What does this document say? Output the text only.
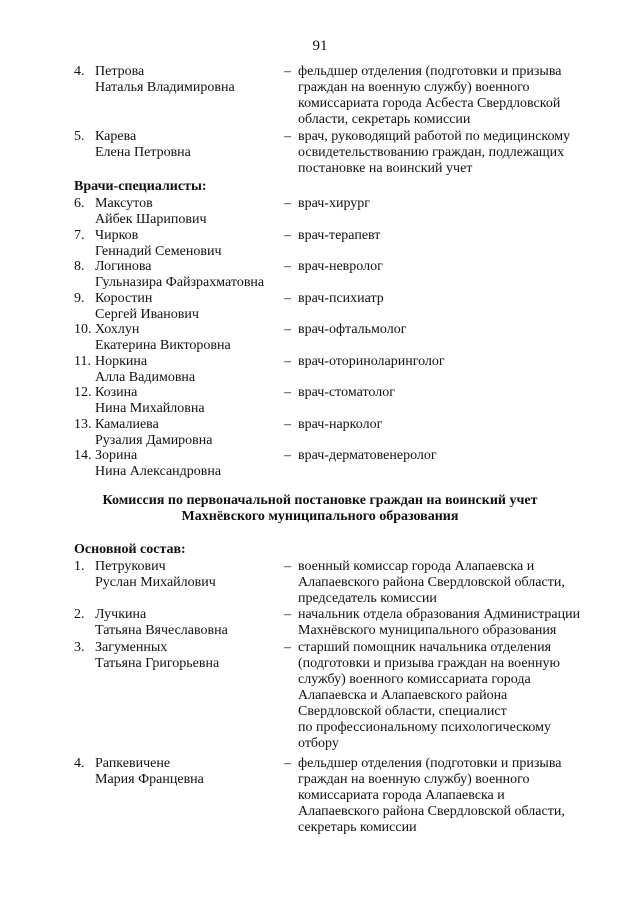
91
4. Петрова
Наталья Владимировна
– фельдшер отделения (подготовки и призыва
граждан на военную службу) военного
комиссариата города Асбеста Свердловской
области, секретарь комиссии
5. Карева
Елена Петровна
– врач, руководящий работой по медицинскому
освидетельствованию граждан, подлежащих
постановке на воинский учет
Врачи-специалисты:
6. Максутов
Айбек Шарипович
– врач-хирург
7. Чирков
Геннадий Семенович
– врач-терапевт
8. Логинова
Гульназира Файзрахматовна
– врач-невролог
9. Коростин
Сергей Иванович
– врач-психиатр
10. Хохлун
Екатерина Викторовна
– врач-офтальмолог
11. Норкина
Алла Вадимовна
– врач-оториноларинголог
12. Козина
Нина Михайловна
– врач-стоматолог
13. Камалиева
Рузалия Дамировна
– врач-нарколог
14. Зорина
Нина Александровна
– врач-дерматовенеролог
Комиссия по первоначальной постановке граждан на воинский учет
Махнёвского муниципального образования
Основной состав:
1. Петрукович
Руслан Михайлович
– военный комиссар города Алапаевска и
Алапаевского района Свердловской области,
председатель комиссии
2. Лучкина
Татьяна Вячеславовна
– начальник отдела образования Администрации
Махнёвского муниципального образования
3. Загуменных
Татьяна Григорьевна
– старший помощник начальника отделения
(подготовки и призыва граждан на военную
службу) военного комиссариата города
Алапаевска и Алапаевского района
Свердловской области, специалист
по профессиональному психологическому
отбору
4. Рапкевичене
Мария Францевна
– фельдшер отделения (подготовки и призыва
граждан на военную службу) военного
комиссариата города Алапаевска и
Алапаевского района Свердловской области,
секретарь комиссии
